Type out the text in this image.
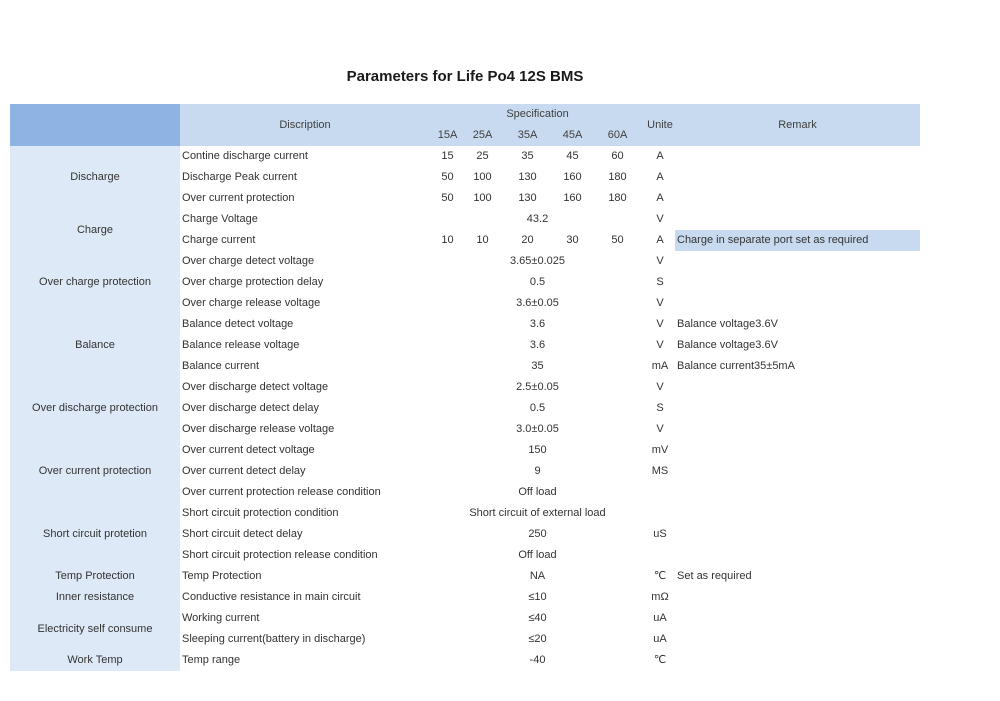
Parameters for Life Po4 12S BMS
	Discription	Specification					Unite	Remark
		15A	25A	35A	45A	60A		
Discharge	Contine discharge current	15	25	35	45	60	A	
	Discharge Peak current	50	100	130	160	180	A	
	Over current protection	50	100	130	160	180	A	
Charge	Charge Voltage	43.2					V	
	Charge current	10	10	20	30	50	A	Charge in separate port set as required
Over charge protection	Over charge detect voltage	3.65±0.025					V	
	Over charge protection delay	0.5					S	
	Over charge release voltage	3.6±0.05					V	
Balance	Balance detect voltage	3.6					V	Balance voltage3.6V
	Balance release voltage	3.6					V	Balance voltage3.6V
	Balance current	35					mA	Balance current35±5mA
Over discharge protection	Over discharge detect voltage	2.5±0.05					V	
	Over discharge detect delay	0.5					S	
	Over discharge release voltage	3.0±0.05					V	
Over current protection	Over current detect voltage	150					mV	
	Over current detect delay	9					MS	
	Over current protection release condition	Off load						
Short circuit protetion	Short circuit protection condition	Short circuit of external load						
	Short circuit detect delay	250					uS	
	Short circuit protection release condition	Off load						
Temp Protection	Temp Protection	NA					℃	Set as required
Inner resistance	Conductive resistance in main circuit	≤10					mΩ	
Electricity self consume	Working current	≤40					uA	
	Sleeping current(battery in discharge)	≤20					uA	
Work Temp	Temp range	-40					℃	
